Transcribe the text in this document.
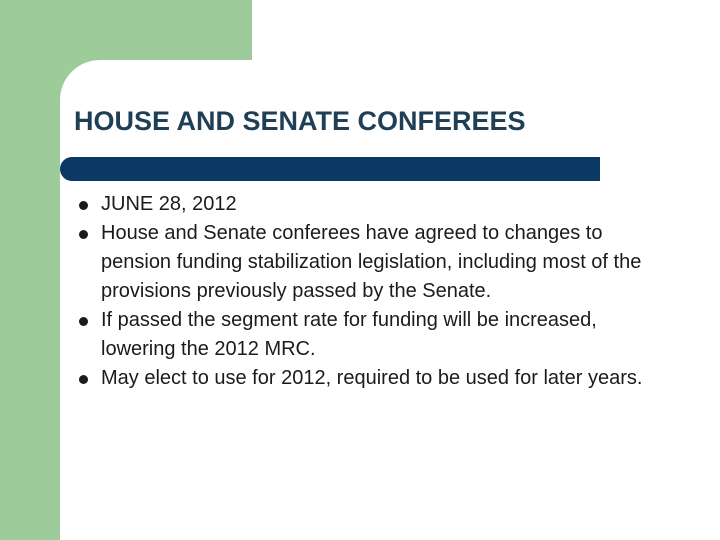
HOUSE AND SENATE CONFEREES
JUNE 28, 2012
House and Senate conferees have agreed to changes to pension funding stabilization legislation, including most of the provisions previously passed by the Senate.
If passed the segment rate for funding will be increased, lowering the 2012 MRC.
May elect to use for 2012, required to be used for later years.
